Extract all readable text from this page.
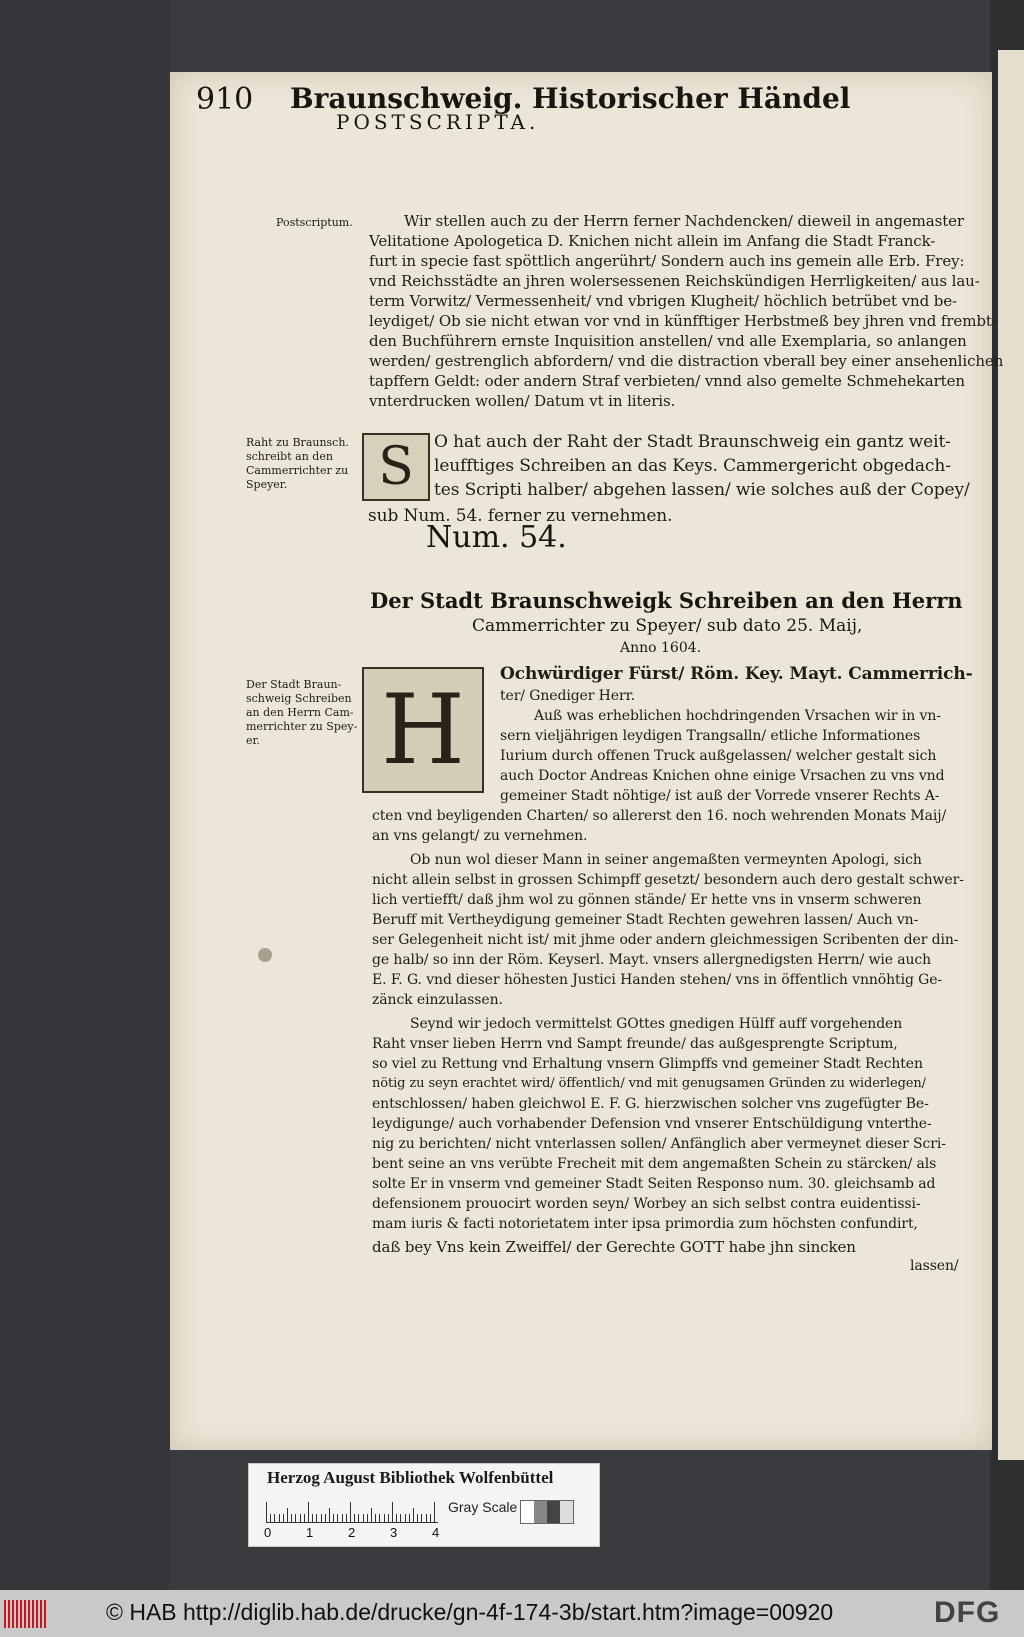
910 Braunschweig. Historischer Händel
POSTSCRIPTA.
Postscriptum.
Raht zu Braunsch.
schreibt an den
Cammerrichter zu
Speyer.
Der Stadt Braun-
schweig Schreiben
an den Herrn Cam-
merrichter zu Spey-
er.
Wir stellen auch zu der Herrn ferner Nachdencken/ dieweil in angemaster
Velitatione Apologetica D. Knichen nicht allein im Anfang die Stadt Franck-
furt in specie fast spöttlich angerührt/ Sondern auch ins gemein alle Erb. Frey:
vnd Reichsstädte an jhren wolersessenen Reichskündigen Herrligkeiten/ aus lau-
term Vorwitz/ Vermessenheit/ vnd vbrigen Klugheit/ höchlich betrübet vnd be-
leydiget/ Ob sie nicht etwan vor vnd in künfftiger Herbstmeß bey jhren vnd frembt-
den Buchführern ernste Inquisition anstellen/ vnd alle Exemplaria, so anlangen
werden/ gestrenglich abfordern/ vnd die distraction vberall bey einer ansehenlichen
tapffern Geldt: oder andern Straf verbieten/ vnnd also gemelte Schmehekarten
vnterdrucken wollen/ Datum vt in literis.
S	O hat auch der Raht der Stadt Braunschweig ein gantz weit-
leufftiges Schreiben an das Keys. Cammergericht obgedach-
tes Scripti halber/ abgehen lassen/ wie solches auß der Copey/
sub Num. 54. ferner zu vernehmen.
Num. 54.
Der Stadt Braunschweigk Schreiben an den Herrn
Cammerrichter zu Speyer/ sub dato 25. Maij,
Anno 1604.
H	Ochwürdiger Fürst/ Röm. Key. Mayt. Cammerrich-
ter/ Gnediger Herr.
Auß was erheblichen hochdringenden Vrsachen wir in vn-
sern vieljährigen leydigen Trangsalln/ etliche Informationes
Iurium durch offenen Truck außgelassen/ welcher gestalt sich
auch Doctor Andreas Knichen ohne einige Vrsachen zu vns vnd
gemeiner Stadt nöhtige/ ist auß der Vorrede vnserer Rechts A-
cten vnd beyligenden Charten/ so allererst den 16. noch wehrenden Monats Maij/
an vns gelangt/ zu vernehmen.
Ob nun wol dieser Mann in seiner angemaßten vermeynten Apologi, sich
nicht allein selbst in grossen Schimpff gesetzt/ besondern auch dero gestalt schwer-
lich vertiefft/ daß jhm wol zu gönnen stände/ Er hette vns in vnserm schweren
Beruff mit Vertheydigung gemeiner Stadt Rechten gewehren lassen/ Auch vn-
ser Gelegenheit nicht ist/ mit jhme oder andern gleichmessigen Scribenten der din-
ge halb/ so inn der Röm. Keyserl. Mayt. vnsers allergnedigsten Herrn/ wie auch
E. F. G. vnd dieser höhesten Justici Handen stehen/ vns in öffentlich vnnöhtig Ge-
zänck einzulassen.
Seynd wir jedoch vermittelst GOttes gnedigen Hülff auff vorgehenden
Raht vnser lieben Herrn vnd Sampt freunde/ das außgesprengte Scriptum,
so viel zu Rettung vnd Erhaltung vnsern Glimpffs vnd gemeiner Stadt Rechten
nötig zu seyn erachtet wird/ öffentlich/ vnd mit genugsamen Gründen zu widerlegen/
entschlossen/ haben gleichwol E. F. G. hierzwischen solcher vns zugefügter Be-
leydigunge/ auch vorhabender Defension vnd vnserer Entschüldigung vnterthe-
nig zu berichten/ nicht vnterlassen sollen/ Anfänglich aber vermeynet dieser Scri-
bent seine an vns verübte Frecheit mit dem angemaßten Schein zu stärcken/ als
solte Er in vnserm vnd gemeiner Stadt Seiten Responso num. 30. gleichsamb ad
defensionem prouocirt worden seyn/ Worbey an sich selbst contra euidentissi-
mam iuris & facti notorietatem inter ipsa primordia zum höchsten confundirt,
daß bey Vns kein Zweiffel/ der Gerechte GOTT habe jhn sincken
lassen/
Herzog August Bibliothek Wolfenbüttel
0	1	2	3	4
Gray Scale
© HAB http://diglib.hab.de/drucke/gn-4f-174-3b/start.htm?image=00920	DFG
